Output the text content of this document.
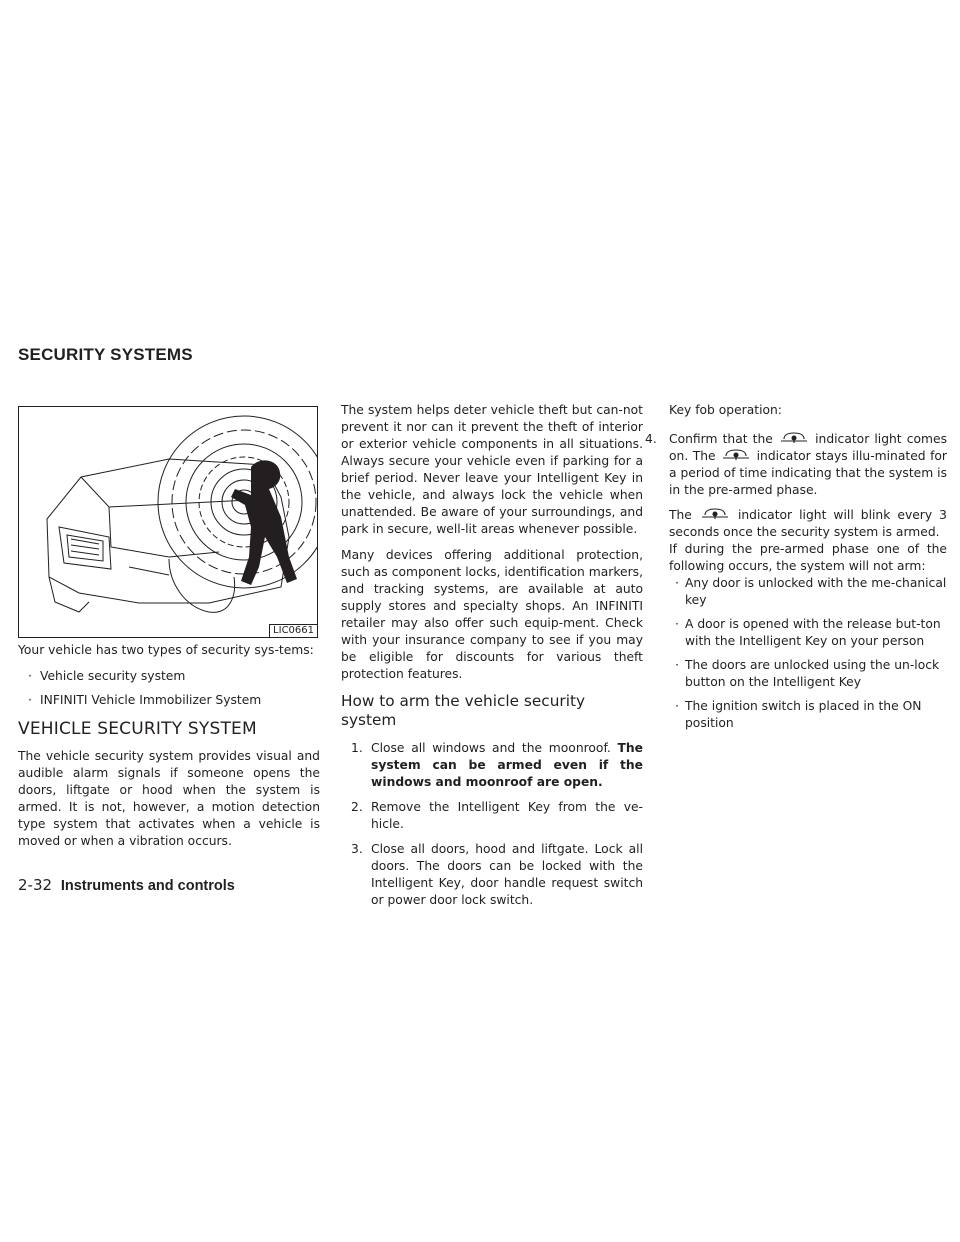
SECURITY SYSTEMS
LIC0661

Your vehicle has two types of security sys-tems:

· Vehicle security system
· INFINITI Vehicle Immobilizer System
VEHICLE SECURITY SYSTEM

The vehicle security system provides visual and audible alarm signals if someone opens the doors, liftgate or hood when the system is armed. It is not, however, a motion detection type system that activates when a vehicle is moved or when a vibration occurs.

The system helps deter vehicle theft but can-not prevent it nor can it prevent the theft of interior or exterior vehicle components in all situations. Always secure your vehicle even if parking for a brief period. Never leave your Intelligent Key in the vehicle, and always lock the vehicle when unattended. Be aware of your surroundings, and park in secure, well-lit areas whenever possible.

Many devices offering additional protection, such as component locks, identification markers, and tracking systems, are available at auto supply stores and specialty shops. An INFINITI retailer may also offer such equip-ment. Check with your insurance company to see if you may be eligible for discounts for various theft protection features.

How to arm the vehicle security system
1. Close all windows and the moonroof. The system can be armed even if the windows and moonroof are open.
2. Remove the Intelligent Key from the ve-hicle.
3. Close all doors, hood and liftgate. Lock all doors. The doors can be locked with the Intelligent Key, door handle request switch or power door lock switch.

Key fob operation:

4. Confirm that the	indicator light comes on. The	indicator stays illu-minated for a period of time indicating that the system is in the pre-armed phase.

The	indicator light will blink every 3 seconds once the security system is armed.

If during the pre-armed phase one of the following occurs, the system will not arm:

· Any door is unlocked with the me-chanical key
· A door is opened with the release but-ton with the Intelligent Key on your person
· The doors are unlocked using the un-lock button on the Intelligent Key
· The ignition switch is placed in the ON position
2-32 Instruments and controls
